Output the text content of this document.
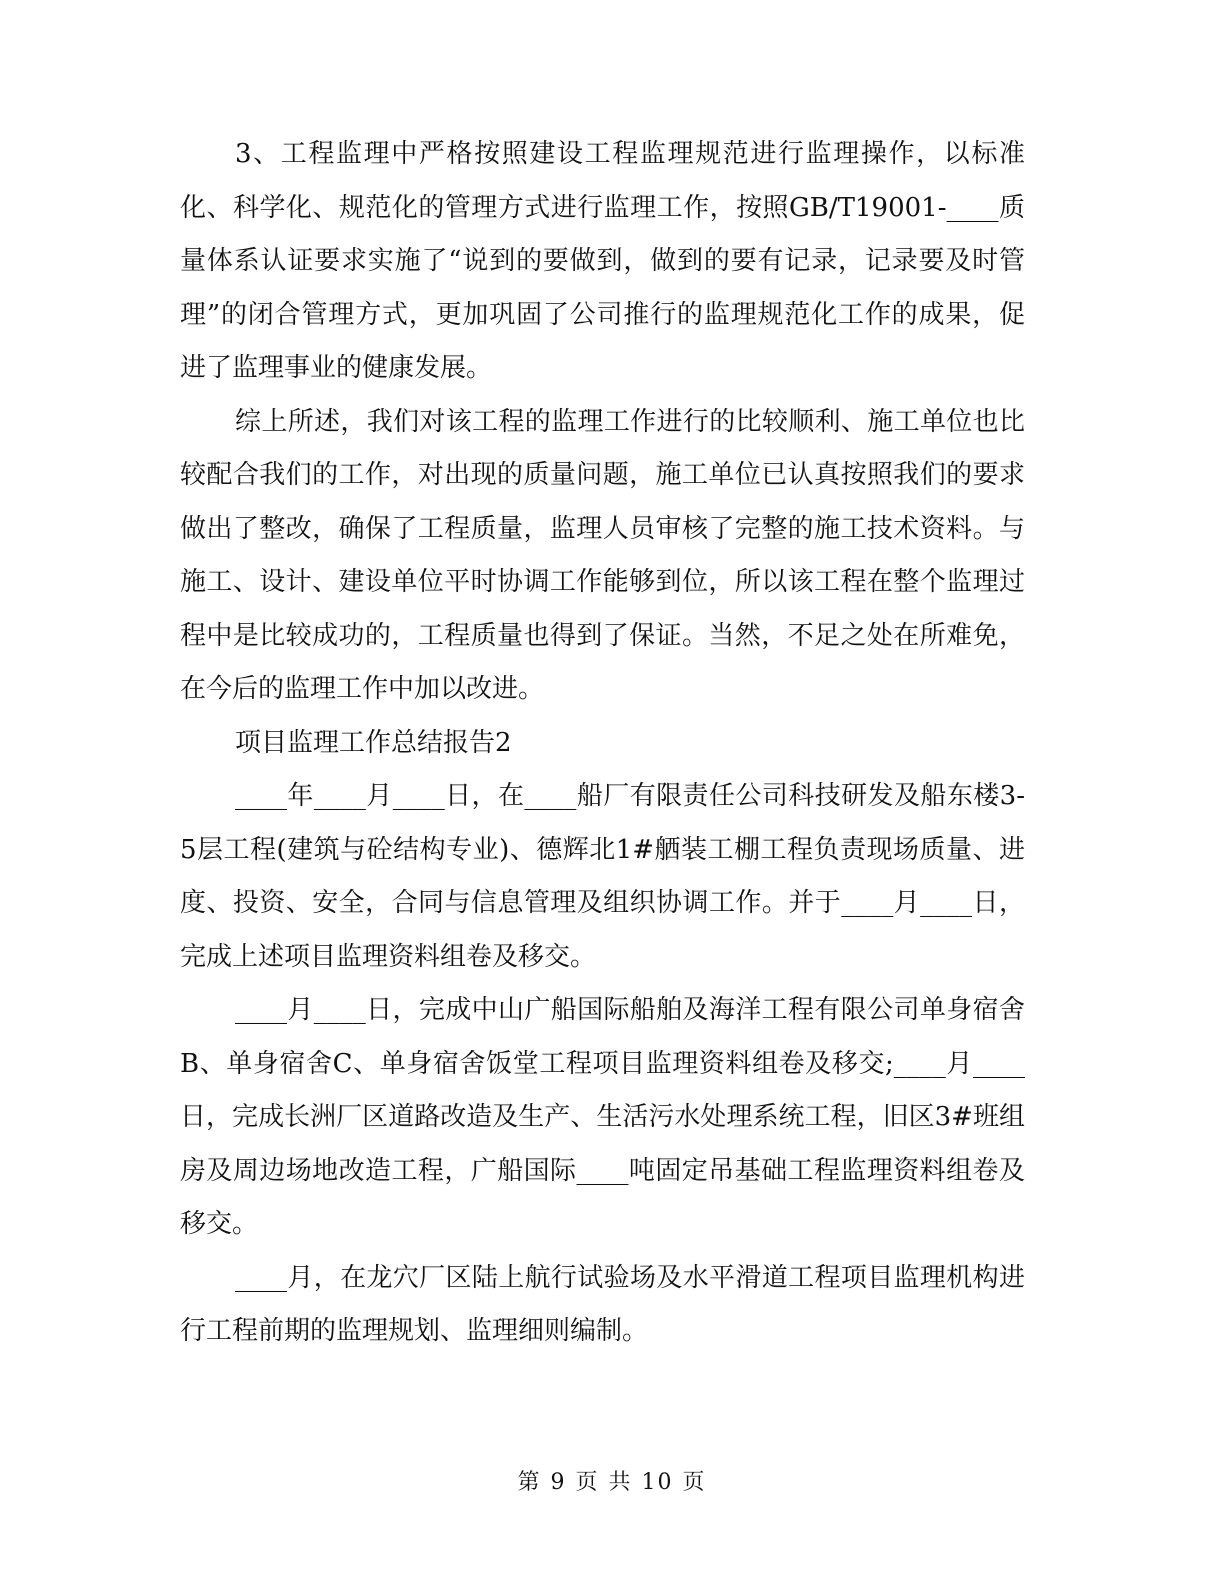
3、工程监理中严格按照建设工程监理规范进行监理操作，以标准化、科学化、规范化的管理方式进行监理工作，按照GB/T19001-____质量体系认证要求实施了“说到的要做到，做到的要有记录，记录要及时管理”的闭合管理方式，更加巩固了公司推行的监理规范化工作的成果，促进了监理事业的健康发展。

综上所述，我们对该工程的监理工作进行的比较顺利、施工单位也比较配合我们的工作，对出现的质量问题，施工单位已认真按照我们的要求做出了整改，确保了工程质量，监理人员审核了完整的施工技术资料。与施工、设计、建设单位平时协调工作能够到位，所以该工程在整个监理过程中是比较成功的，工程质量也得到了保证。当然，不足之处在所难免，在今后的监理工作中加以改进。

项目监理工作总结报告2

____年____月____日，在____船厂有限责任公司科技研发及船东楼3-5层工程(建筑与砼结构专业)、德辉北1#舾装工棚工程负责现场质量、进度、投资、安全，合同与信息管理及组织协调工作。并于____月____日，完成上述项目监理资料组卷及移交。

____月____日，完成中山广船国际船舶及海洋工程有限公司单身宿舍B、单身宿舍C、单身宿舍饭堂工程项目监理资料组卷及移交;____月____日，完成长洲厂区道路改造及生产、生活污水处理系统工程，旧区3#班组房及周边场地改造工程，广船国际____吨固定吊基础工程监理资料组卷及移交。

____月，在龙穴厂区陆上航行试验场及水平滑道工程项目监理机构进行工程前期的监理规划、监理细则编制。

第 9 页 共 10 页
